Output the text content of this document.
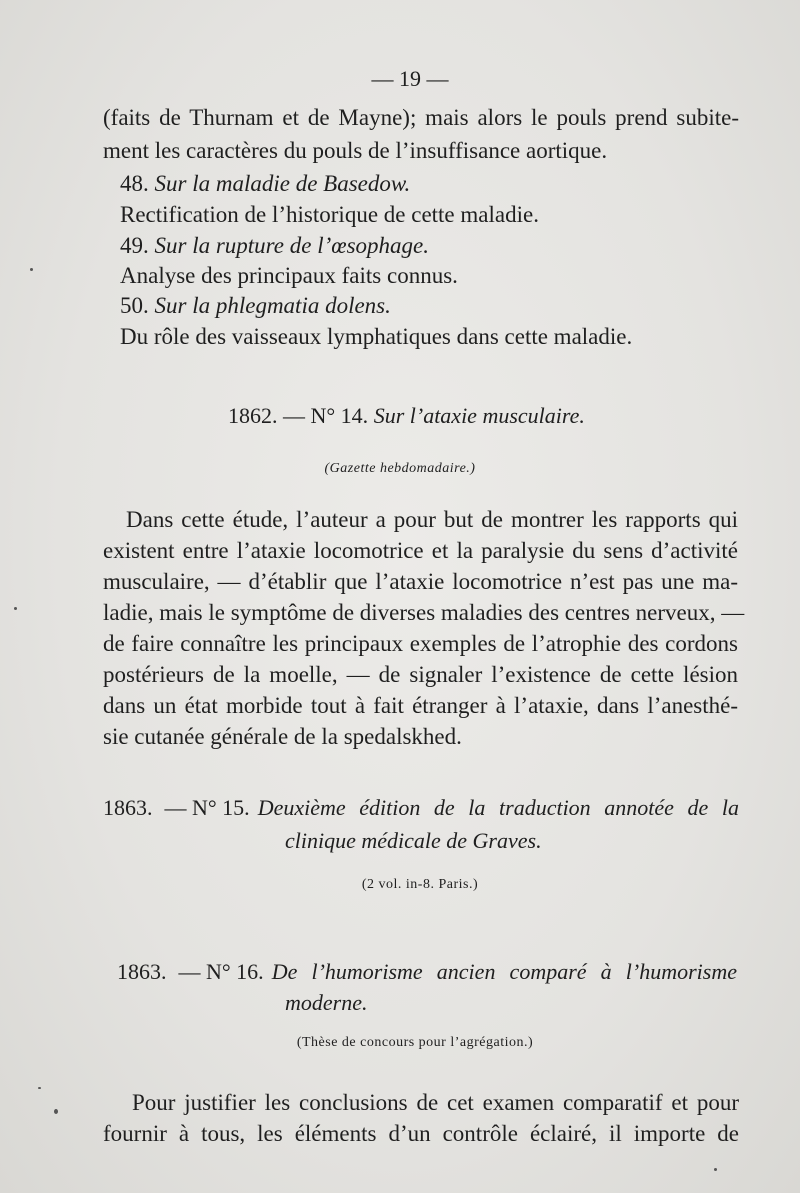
— 19 —
(faits de Thurnam et de Mayne); mais alors le pouls prend subite-
ment les caractères du pouls de l’insuffisance aortique.
48. Sur la maladie de Basedow.
Rectification de l’historique de cette maladie.
49. Sur la rupture de l’œsophage.
Analyse des principaux faits connus.
50. Sur la phlegmatia dolens.
Du rôle des vaisseaux lymphatiques dans cette maladie.
1862. — N° 14. Sur l’ataxie musculaire.
(Gazette hebdomadaire.)
Dans cette étude, l’auteur a pour but de montrer les rapports qui
existent entre l’ataxie locomotrice et la paralysie du sens d’activité
musculaire, — d’établir que l’ataxie locomotrice n’est pas une ma-
ladie, mais le symptôme de diverses maladies des centres nerveux, —
de faire connaître les principaux exemples de l’atrophie des cordons
postérieurs de la moelle, — de signaler l’existence de cette lésion
dans un état morbide tout à fait étranger à l’ataxie, dans l’anesthé-
sie cutanée générale de la spedalskhed.
1863. — N° 15. Deuxième édition de la traduction annotée de la
clinique médicale de Graves.
(2 vol. in-8. Paris.)
1863. — N° 16. De l’humorisme ancien comparé à l’humorisme
moderne.
(Thèse de concours pour l’agrégation.)
Pour justifier les conclusions de cet examen comparatif et pour
fournir à tous, les éléments d’un contrôle éclairé, il importe de
